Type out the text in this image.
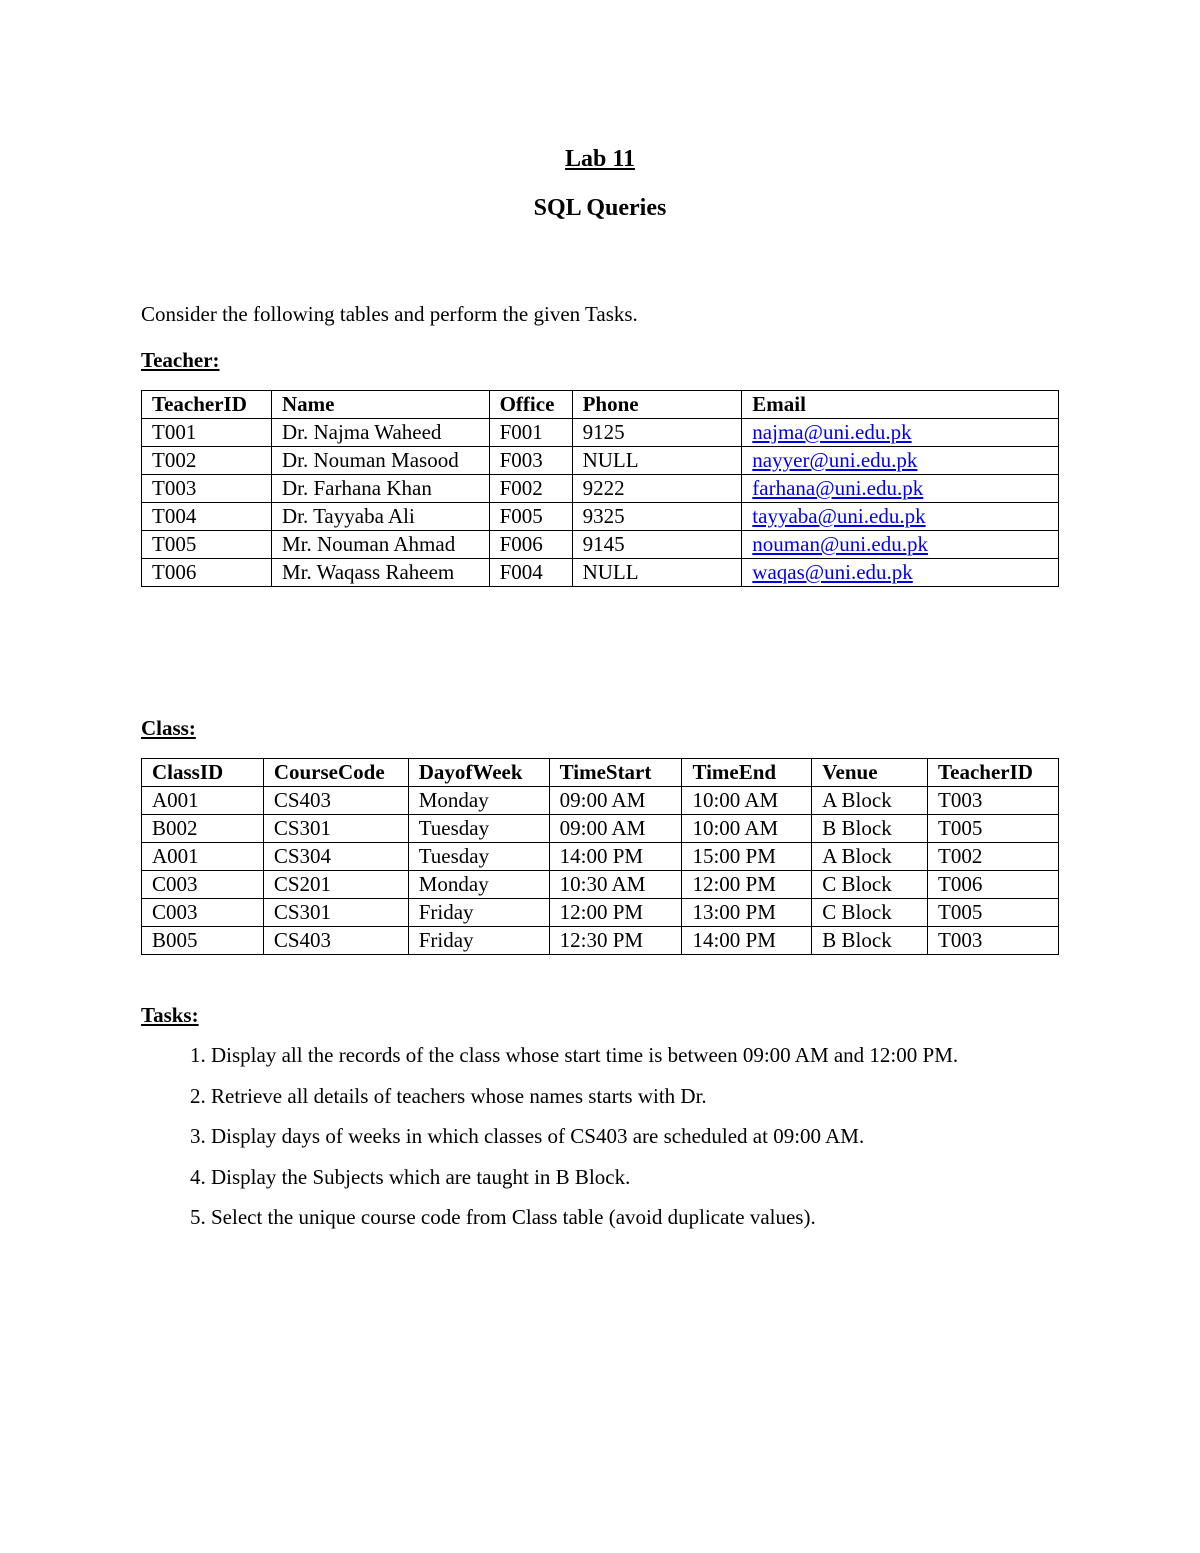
Lab 11
SQL Queries
Consider the following tables and perform the given Tasks.
Teacher:
TeacherID	Name	Office	Phone	Email
T001	Dr. Najma Waheed	F001	9125	najma@uni.edu.pk
T002	Dr. Nouman Masood	F003	NULL	nayyer@uni.edu.pk
T003	Dr. Farhana Khan	F002	9222	farhana@uni.edu.pk
T004	Dr. Tayyaba Ali	F005	9325	tayyaba@uni.edu.pk
T005	Mr. Nouman Ahmad	F006	9145	nouman@uni.edu.pk
T006	Mr. Waqass Raheem	F004	NULL	waqas@uni.edu.pk
Class:
ClassID	CourseCode	DayofWeek	TimeStart	TimeEnd	Venue	TeacherID
A001	CS403	Monday	09:00 AM	10:00 AM	A Block	T003
B002	CS301	Tuesday	09:00 AM	10:00 AM	B Block	T005
A001	CS304	Tuesday	14:00 PM	15:00 PM	A Block	T002
C003	CS201	Monday	10:30 AM	12:00 PM	C Block	T006
C003	CS301	Friday	12:00 PM	13:00 PM	C Block	T005
B005	CS403	Friday	12:30 PM	14:00 PM	B Block	T003
Tasks:
1. Display all the records of the class whose start time is between 09:00 AM and 12:00 PM.
2. Retrieve all details of teachers whose names starts with Dr.
3. Display days of weeks in which classes of CS403 are scheduled at 09:00 AM.
4. Display the Subjects which are taught in B Block.
5. Select the unique course code from Class table (avoid duplicate values).
